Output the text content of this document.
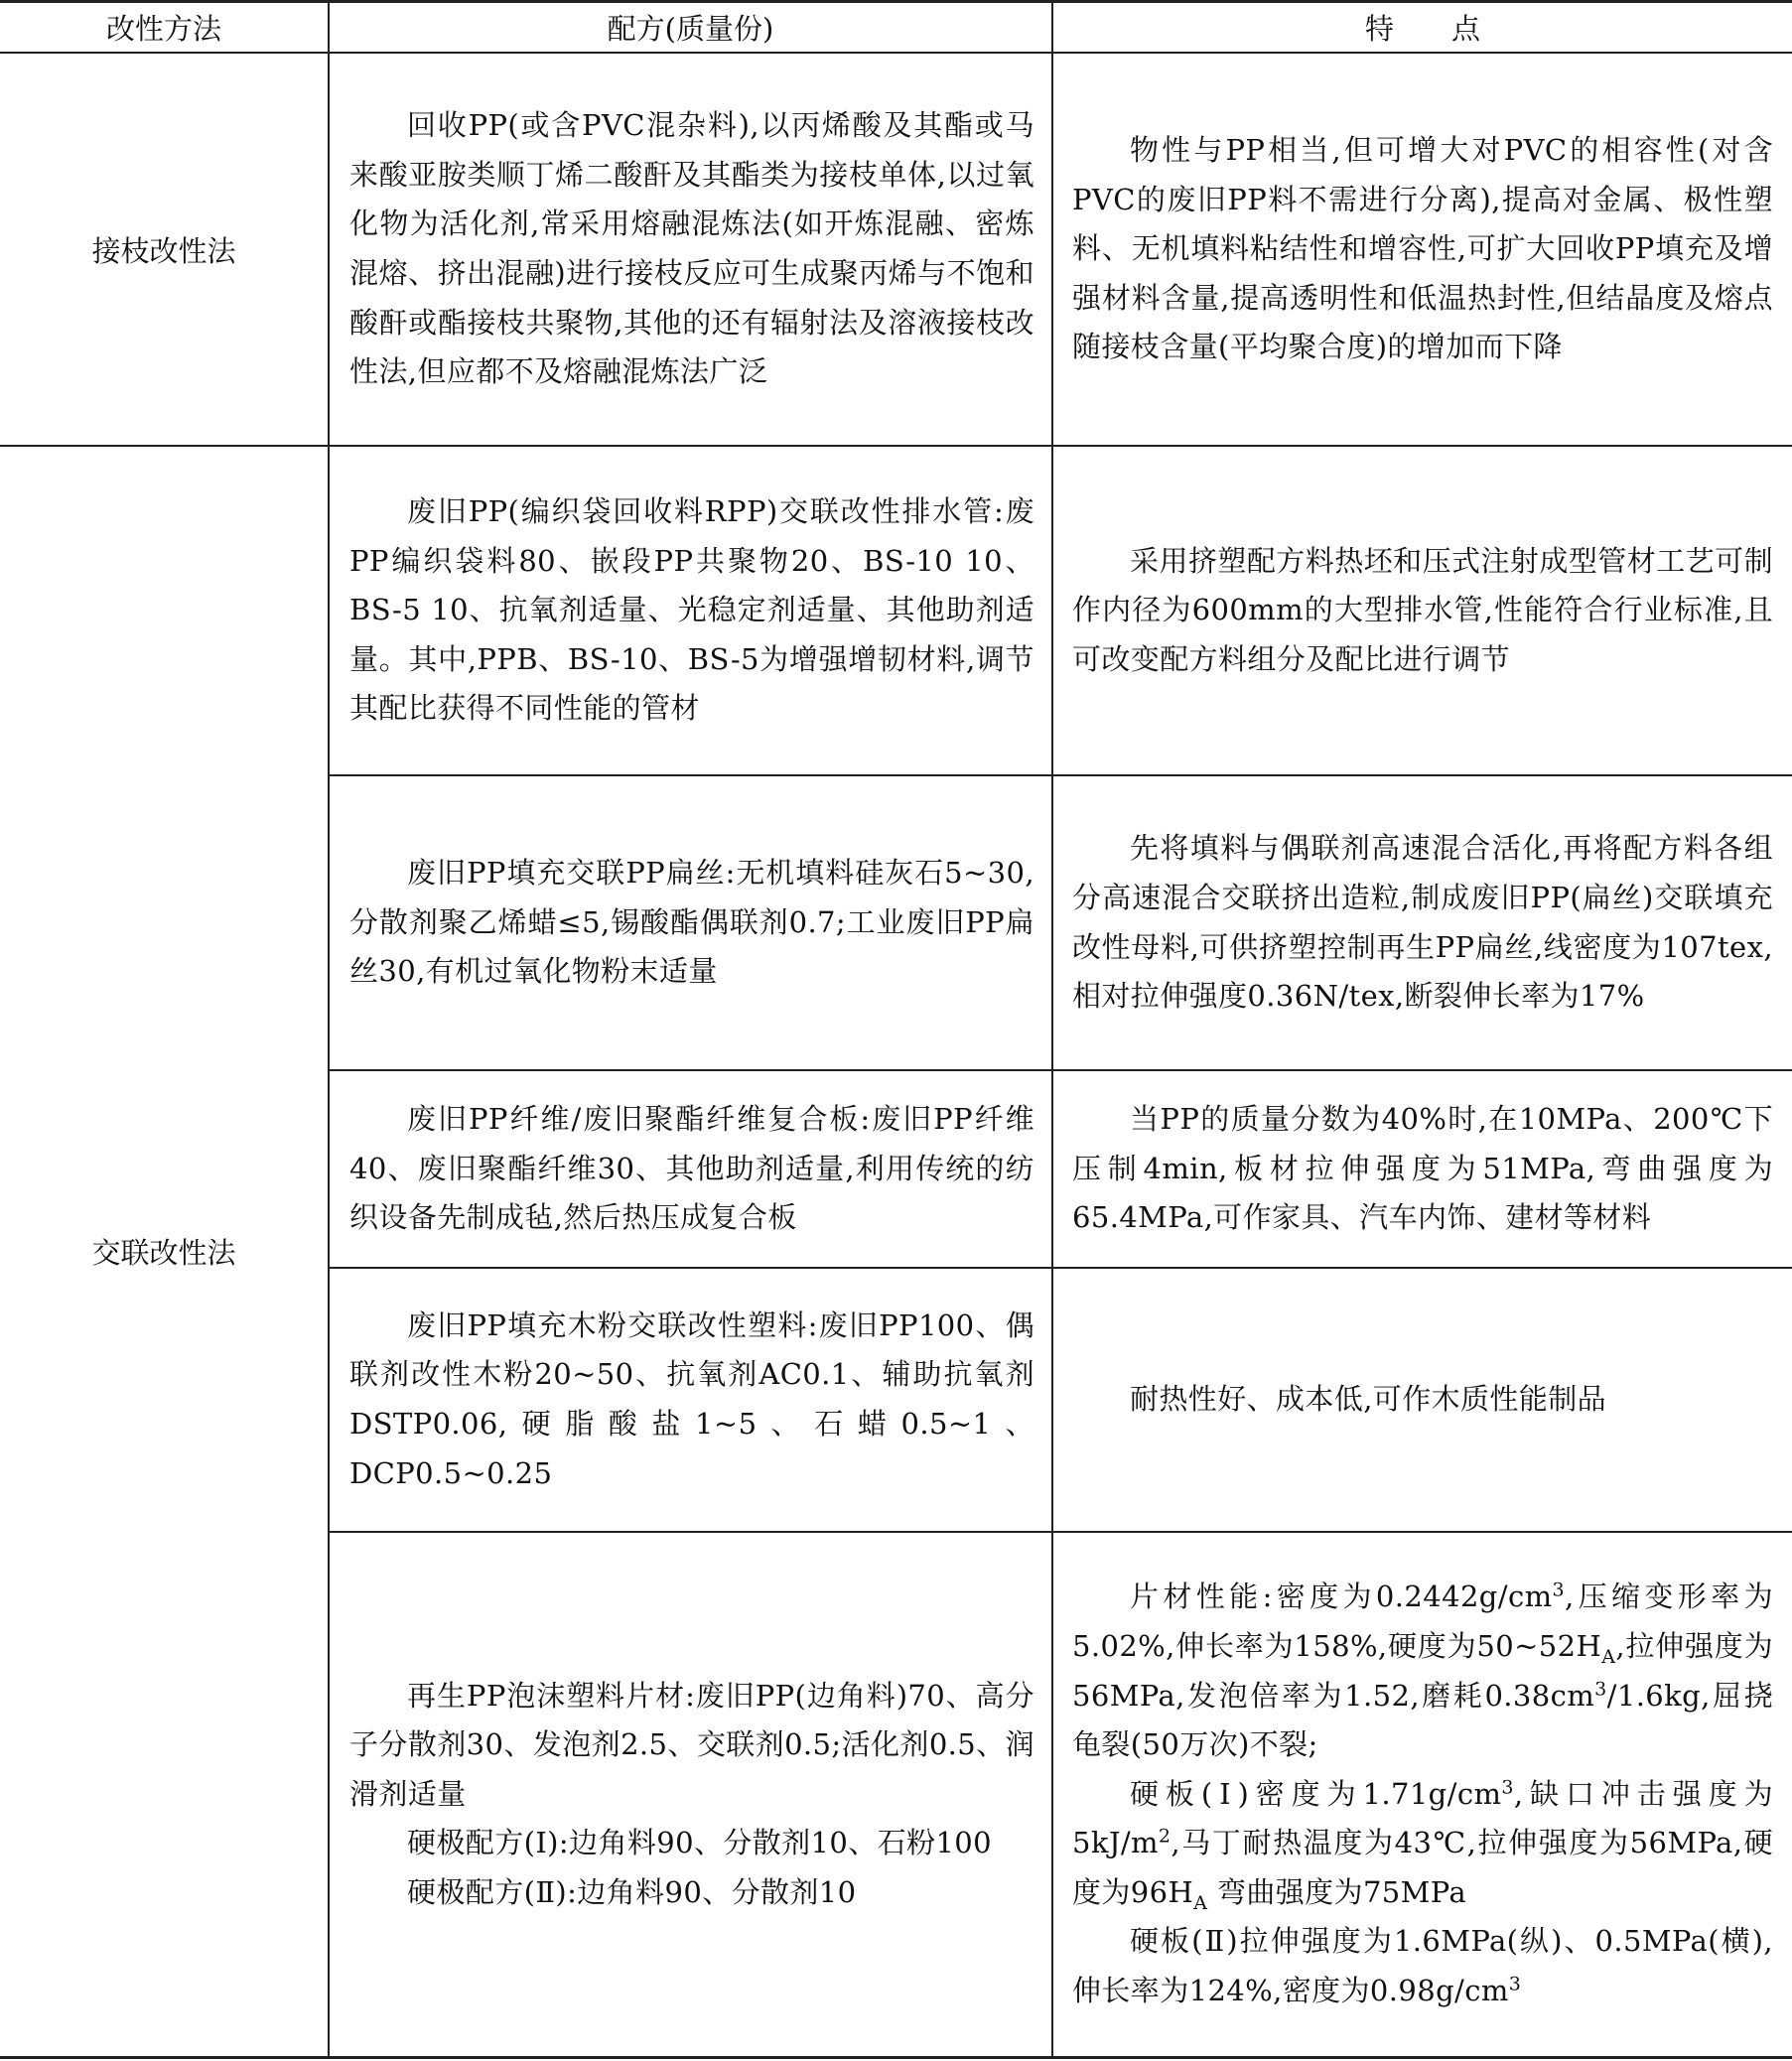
改性方法	配方(质量份)	特　　点
接枝改性法
交联改性法
回收PP(或含PVC混杂料),以丙烯酸及其酯或马来酸亚胺类顺丁烯二酸酐及其酯类为接枝单体,以过氧化物为活化剂,常采用熔融混炼法(如开炼混融、密炼混熔、挤出混融)进行接枝反应可生成聚丙烯与不饱和酸酐或酯接枝共聚物,其他的还有辐射法及溶液接枝改性法,但应都不及熔融混炼法广泛
物性与PP相当,但可增大对PVC的相容性(对含PVC的废旧PP料不需进行分离),提高对金属、极性塑料、无机填料粘结性和增容性,可扩大回收PP填充及增强材料含量,提高透明性和低温热封性,但结晶度及熔点随接枝含量(平均聚合度)的增加而下降
废旧PP(编织袋回收料RPP)交联改性排水管:废PP编织袋料80、嵌段PP共聚物20、BS-10 10、BS-5 10、抗氧剂适量、光稳定剂适量、其他助剂适量。其中,PPB、BS-10、BS-5为增强增韧材料,调节其配比获得不同性能的管材
采用挤塑配方料热坯和压式注射成型管材工艺可制作内径为600mm的大型排水管,性能符合行业标准,且可改变配方料组分及配比进行调节
废旧PP填充交联PP扁丝:无机填料硅灰石5~30,分散剂聚乙烯蜡≤5,锡酸酯偶联剂0.7;工业废旧PP扁丝30,有机过氧化物粉末适量
先将填料与偶联剂高速混合活化,再将配方料各组分高速混合交联挤出造粒,制成废旧PP(扁丝)交联填充改性母料,可供挤塑控制再生PP扁丝,线密度为107tex,相对拉伸强度0.36N/tex,断裂伸长率为17%
废旧PP纤维/废旧聚酯纤维复合板:废旧PP纤维40、废旧聚酯纤维30、其他助剂适量,利用传统的纺织设备先制成毡,然后热压成复合板
当PP的质量分数为40%时,在10MPa、200℃下压制4min,板材拉伸强度为51MPa,弯曲强度为65.4MPa,可作家具、汽车内饰、建材等材料
废旧PP填充木粉交联改性塑料:废旧PP100、偶联剂改性木粉20~50、抗氧剂AC0.1、辅助抗氧剂DSTP0.06,硬脂酸盐1~5、石蜡0.5~1、DCP0.5~0.25
耐热性好、成本低,可作木质性能制品

再生PP泡沫塑料片材:废旧PP(边角料)70、高分子分散剂30、发泡剂2.5、交联剂0.5;活化剂0.5、润滑剂适量

硬极配方(Ⅰ):边角料90、分散剂10、石粉100

硬极配方(Ⅱ):边角料90、分散剂10

片材性能:密度为$0.2442g/cm^3$,压缩变形率为5.02%,伸长率为158%,硬度为$50\sim 52H_A$,拉伸强度为56MPa,发泡倍率为1.52,磨耗$0.38cm^3/1.6kg$,屈挠龟裂(50万次)不裂;

硬板(Ⅰ)密度为$1.71g/cm^3$,缺口冲击强度为$5kJ/m^2$,马丁耐热温度为43℃,拉伸强度为56MPa,硬度为$96H_A$ 弯曲强度为75MPa

硬板(Ⅱ)拉伸强度为1.6MPa(纵)、0.5MPa(横),伸长率为124%,密度为$0.98g/cm^3$
